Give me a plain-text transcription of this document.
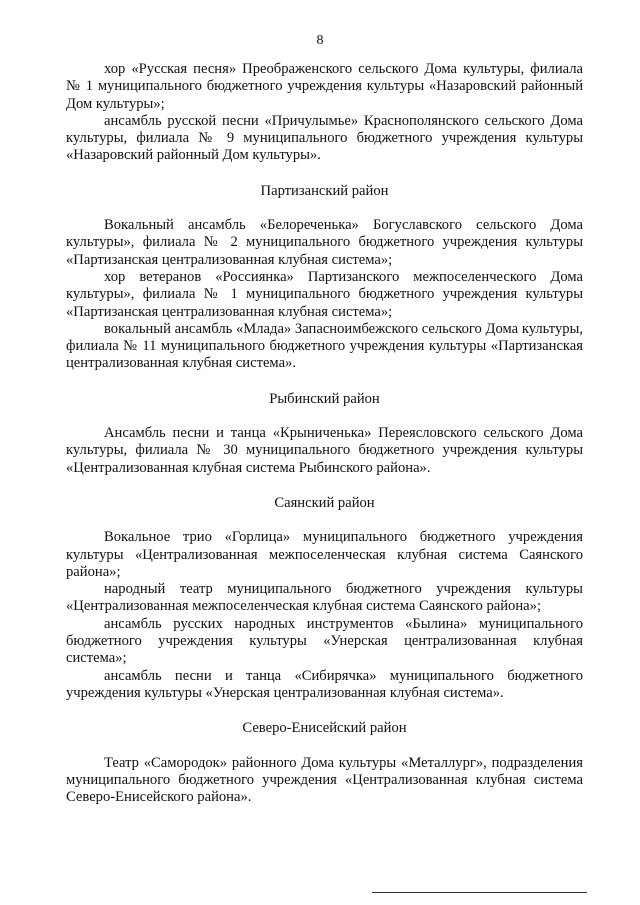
8

хор «Русская песня» Преображенского сельского Дома культуры, филиала № 1 муниципального бюджетного учреждения культуры «Назаровский районный Дом культуры»;

ансамбль русской песни «Причулымье» Краснополянского сельского Дома культуры, филиала № 9 муниципального бюджетного учреждения культуры «Назаровский районный Дом культуры».

Партизанский район

Вокальный ансамбль «Белореченька» Богуславского сельского Дома культуры», филиала № 2 муниципального бюджетного учреждения культуры «Партизанская централизованная клубная система»;

хор ветеранов «Россиянка» Партизанского межпоселенческого Дома культуры», филиала № 1 муниципального бюджетного учреждения культуры «Партизанская централизованная клубная система»;

вокальный ансамбль «Млада» Запасноимбежского сельского Дома культуры, филиала № 11 муниципального бюджетного учреждения культуры «Партизанская централизованная клубная система».

Рыбинский район

Ансамбль песни и танца «Крыниченька» Переясловского сельского Дома культуры, филиала № 30 муниципального бюджетного учреждения культуры «Централизованная клубная система Рыбинского района».

Саянский район

Вокальное трио «Горлица» муниципального бюджетного учреждения культуры «Централизованная межпоселенческая клубная система Саянского района»;

народный театр муниципального бюджетного учреждения культуры «Централизованная межпоселенческая клубная система Саянского района»;

ансамбль русских народных инструментов «Былина» муниципального бюджетного учреждения культуры «Унерская централизованная клубная система»;

ансамбль песни и танца «Сибирячка» муниципального бюджетного учреждения культуры «Унерская централизованная клубная система».

Северо-Енисейский район

Театр «Самородок» районного Дома культуры «Металлург», подразделения муниципального бюджетного учреждения «Централизованная клубная система Северо-Енисейского района».
